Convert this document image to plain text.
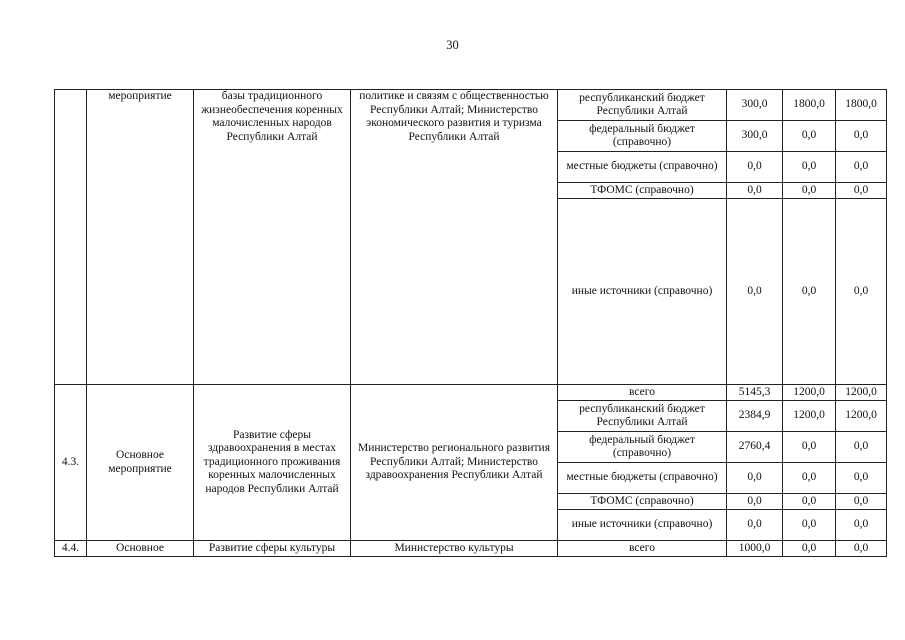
30
	мероприятие	базы традиционного жизнеобеспечения коренных малочисленных народов Республики Алтай	политике и связям с общественностью Республики Алтай; Министерство экономического развития и туризма Республики Алтай	республиканский бюджет Республики Алтай	300,0	1800,0	1800,0
				федеральный бюджет (справочно)	300,0	0,0	0,0
				местные бюджеты (справочно)	0,0	0,0	0,0
				ТФОМС (справочно)	0,0	0,0	0,0
				иные источники (справочно)	0,0	0,0	0,0
4.3.	Основное мероприятие	Развитие сферы здравоохранения в местах традиционного проживания коренных малочисленных народов Республики Алтай	Министерство регионального развития Республики Алтай; Министерство здравоохранения Республики Алтай	всего	5145,3	1200,0	1200,0
				республиканский бюджет Республики Алтай	2384,9	1200,0	1200,0
				федеральный бюджет (справочно)	2760,4	0,0	0,0
				местные бюджеты (справочно)	0,0	0,0	0,0
				ТФОМС (справочно)	0,0	0,0	0,0
				иные источники (справочно)	0,0	0,0	0,0
4.4.	Основное	Развитие сферы культуры	Министерство культуры	всего	1000,0	0,0	0,0
